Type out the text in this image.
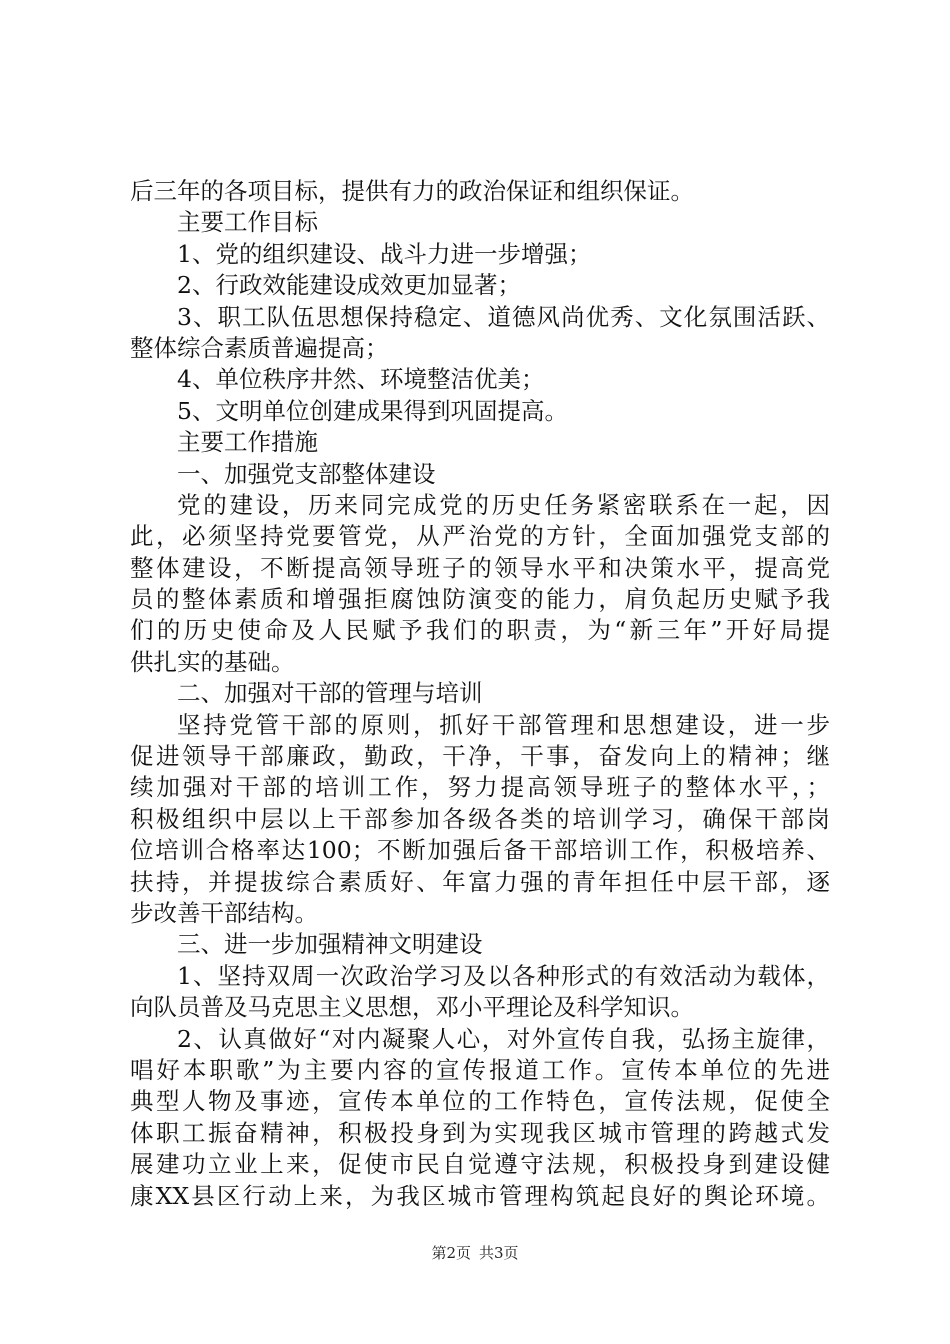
后三年的各项目标，提供有力的政治保证和组织保证。
主要工作目标
1、党的组织建设、战斗力进一步增强；
2、行政效能建设成效更加显著；
3、职工队伍思想保持稳定、道德风尚优秀、文化氛围活跃、
整体综合素质普遍提高；
4、单位秩序井然、环境整洁优美；
5、文明单位创建成果得到巩固提高。
主要工作措施
一、加强党支部整体建设
党的建设，历来同完成党的历史任务紧密联系在一起，因
此，必须坚持党要管党，从严治党的方针，全面加强党支部的
整体建设，不断提高领导班子的领导水平和决策水平，提高党
员的整体素质和增强拒腐蚀防演变的能力，肩负起历史赋予我
们的历史使命及人民赋予我们的职责，为“新三年”开好局提
供扎实的基础。
二、加强对干部的管理与培训
坚持党管干部的原则，抓好干部管理和思想建设，进一步
促进领导干部廉政，勤政，干净，干事，奋发向上的精神；继
续加强对干部的培训工作，努力提高领导班子的整体水平，；
积极组织中层以上干部参加各级各类的培训学习，确保干部岗
位培训合格率达100；不断加强后备干部培训工作，积极培养、
扶持，并提拔综合素质好、年富力强的青年担任中层干部，逐
步改善干部结构。
三、进一步加强精神文明建设
1、坚持双周一次政治学习及以各种形式的有效活动为载体，
向队员普及马克思主义思想，邓小平理论及科学知识。
2、认真做好“对内凝聚人心，对外宣传自我，弘扬主旋律，
唱好本职歌”为主要内容的宣传报道工作。宣传本单位的先进
典型人物及事迹，宣传本单位的工作特色，宣传法规，促使全
体职工振奋精神，积极投身到为实现我区城市管理的跨越式发
展建功立业上来，促使市民自觉遵守法规，积极投身到建设健
康XX县区行动上来，为我区城市管理构筑起良好的舆论环境。
第2页 共3页
